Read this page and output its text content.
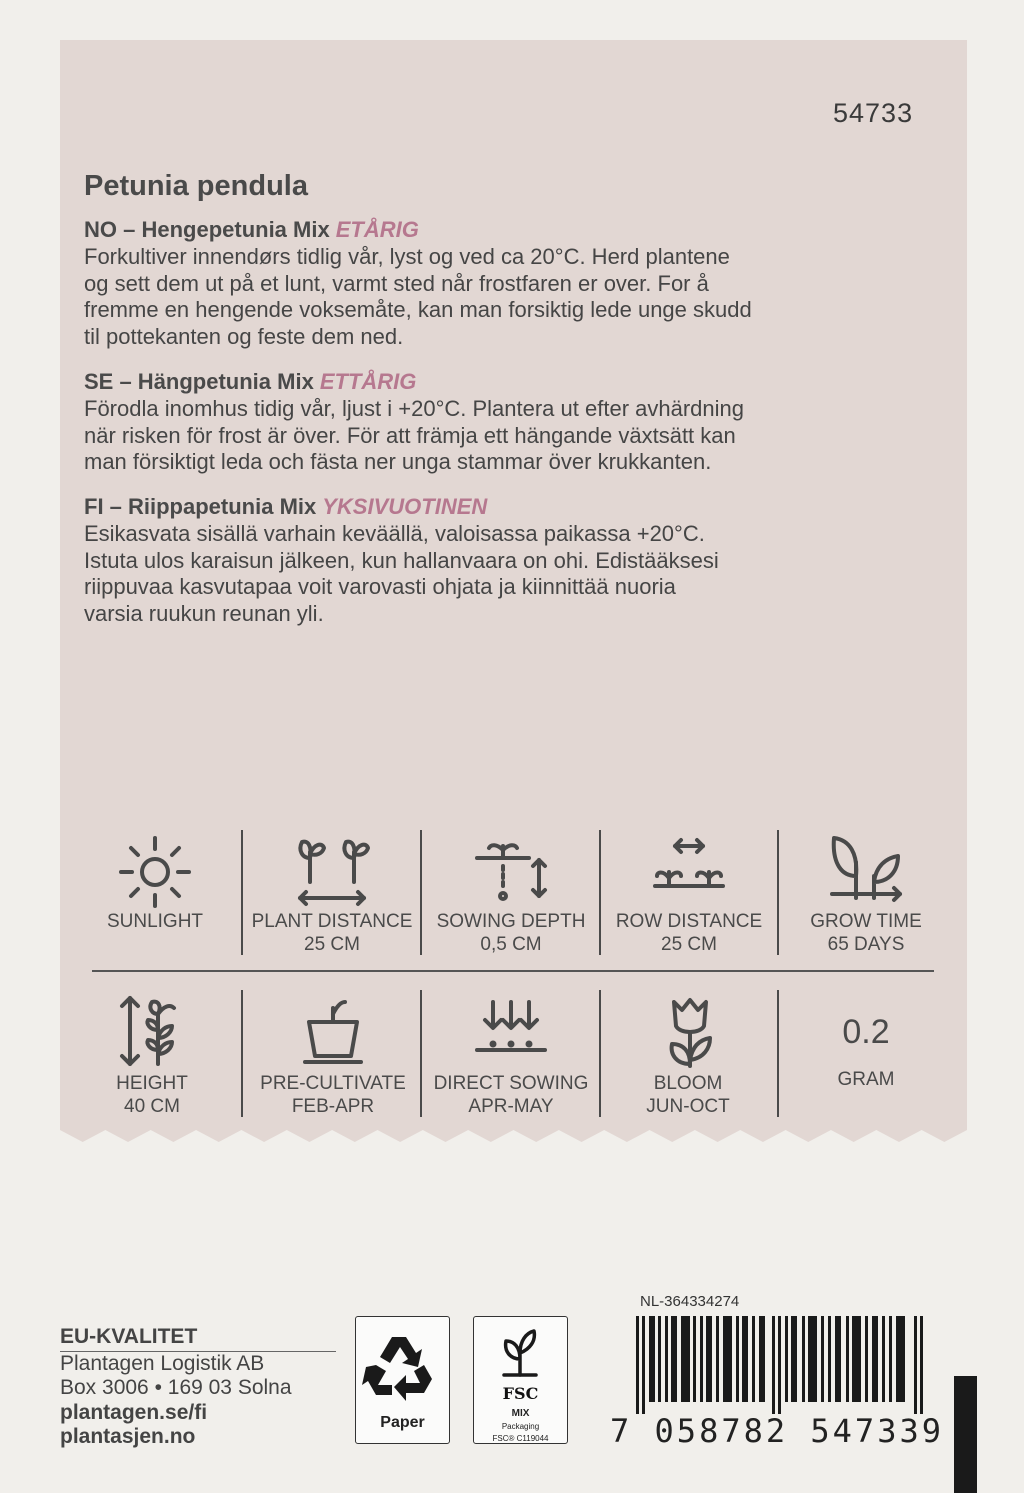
54733
Petunia pendula
NO – Hengepetunia Mix ETÅRIG
Forkultiver innendørs tidlig vår, lyst og ved ca 20°C. Herd plantene
og sett dem ut på et lunt, varmt sted når frostfaren er over. For å
fremme en hengende voksemåte, kan man forsiktig lede unge skudd
til pottekanten og feste dem ned.
SE – Hängpetunia Mix ETTÅRIG
Förodla inomhus tidig vår, ljust i +20°C. Plantera ut efter avhärdning
när risken för frost är över. För att främja ett hängande växtsätt kan
man försiktigt leda och fästa ner unga stammar över krukkanten.
FI – Riippapetunia Mix YKSIVUOTINEN
Esikasvata sisällä varhain keväällä, valoisassa paikassa +20°C.
Istuta ulos karaisun jälkeen, kun hallanvaara on ohi. Edistääksesi
riippuvaa kasvutapaa voit varovasti ohjata ja kiinnittää nuoria
varsia ruukun reunan yli.
SUNLIGHT	PLANT DISTANCE
25 CM
SOWING DEPTH
0,5 CM
ROW DISTANCE
25 CM
GROW TIME
65 DAYS
HEIGHT
40 CM
PRE-CULTIVATE
FEB-APR
DIRECT SOWING
APR-MAY
BLOOM
JUN-OCT
0.2
GRAM
EU-KVALITET
Plantagen Logistik AB
Box 3006 • 169 03 Solna
plantagen.se/fi
plantasjen.no
Paper
FSC
MIX
Packaging
FSC® C119044
NL-364334274
7 058782 547339
